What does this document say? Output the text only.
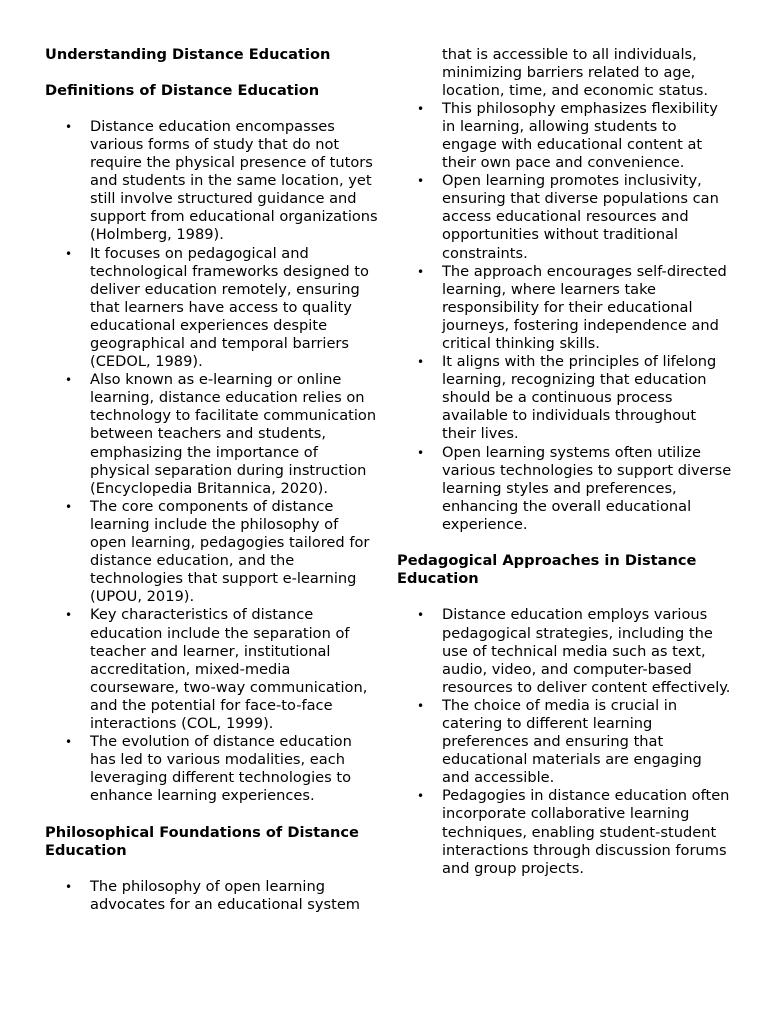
Understanding Distance Education
Definitions of Distance Education
• Distance education encompasses various forms of study that do not require the physical presence of tutors and students in the same location, yet still involve structured guidance and support from educational organizations (Holmberg, 1989).
• It focuses on pedagogical and technological frameworks designed to deliver education remotely, ensuring that learners have access to quality educational experiences despite geographical and temporal barriers (CEDOL, 1989).
• Also known as e-learning or online learning, distance education relies on technology to facilitate communication between teachers and students, emphasizing the importance of physical separation during instruction (Encyclopedia Britannica, 2020).
• The core components of distance learning include the philosophy of open learning, pedagogies tailored for distance education, and the technologies that support e-learning (UPOU, 2019).
• Key characteristics of distance education include the separation of teacher and learner, institutional accreditation, mixed-media courseware, two-way communication, and the potential for face-to-face interactions (COL, 1999).
• The evolution of distance education has led to various modalities, each leveraging different technologies to enhance learning experiences.
Philosophical Foundations of Distance Education
• The philosophy of open learning advocates for an educational system
that is accessible to all individuals, minimizing barriers related to age, location, time, and economic status.
• This philosophy emphasizes flexibility in learning, allowing students to engage with educational content at their own pace and convenience.
• Open learning promotes inclusivity, ensuring that diverse populations can access educational resources and opportunities without traditional constraints.
• The approach encourages self-directed learning, where learners take responsibility for their educational journeys, fostering independence and critical thinking skills.
• It aligns with the principles of lifelong learning, recognizing that education should be a continuous process available to individuals throughout their lives.
• Open learning systems often utilize various technologies to support diverse learning styles and preferences, enhancing the overall educational experience.
Pedagogical Approaches in Distance Education
• Distance education employs various pedagogical strategies, including the use of technical media such as text, audio, video, and computer-based resources to deliver content effectively.
• The choice of media is crucial in catering to different learning preferences and ensuring that educational materials are engaging and accessible.
• Pedagogies in distance education often incorporate collaborative learning techniques, enabling student-student interactions through discussion forums and group projects.
